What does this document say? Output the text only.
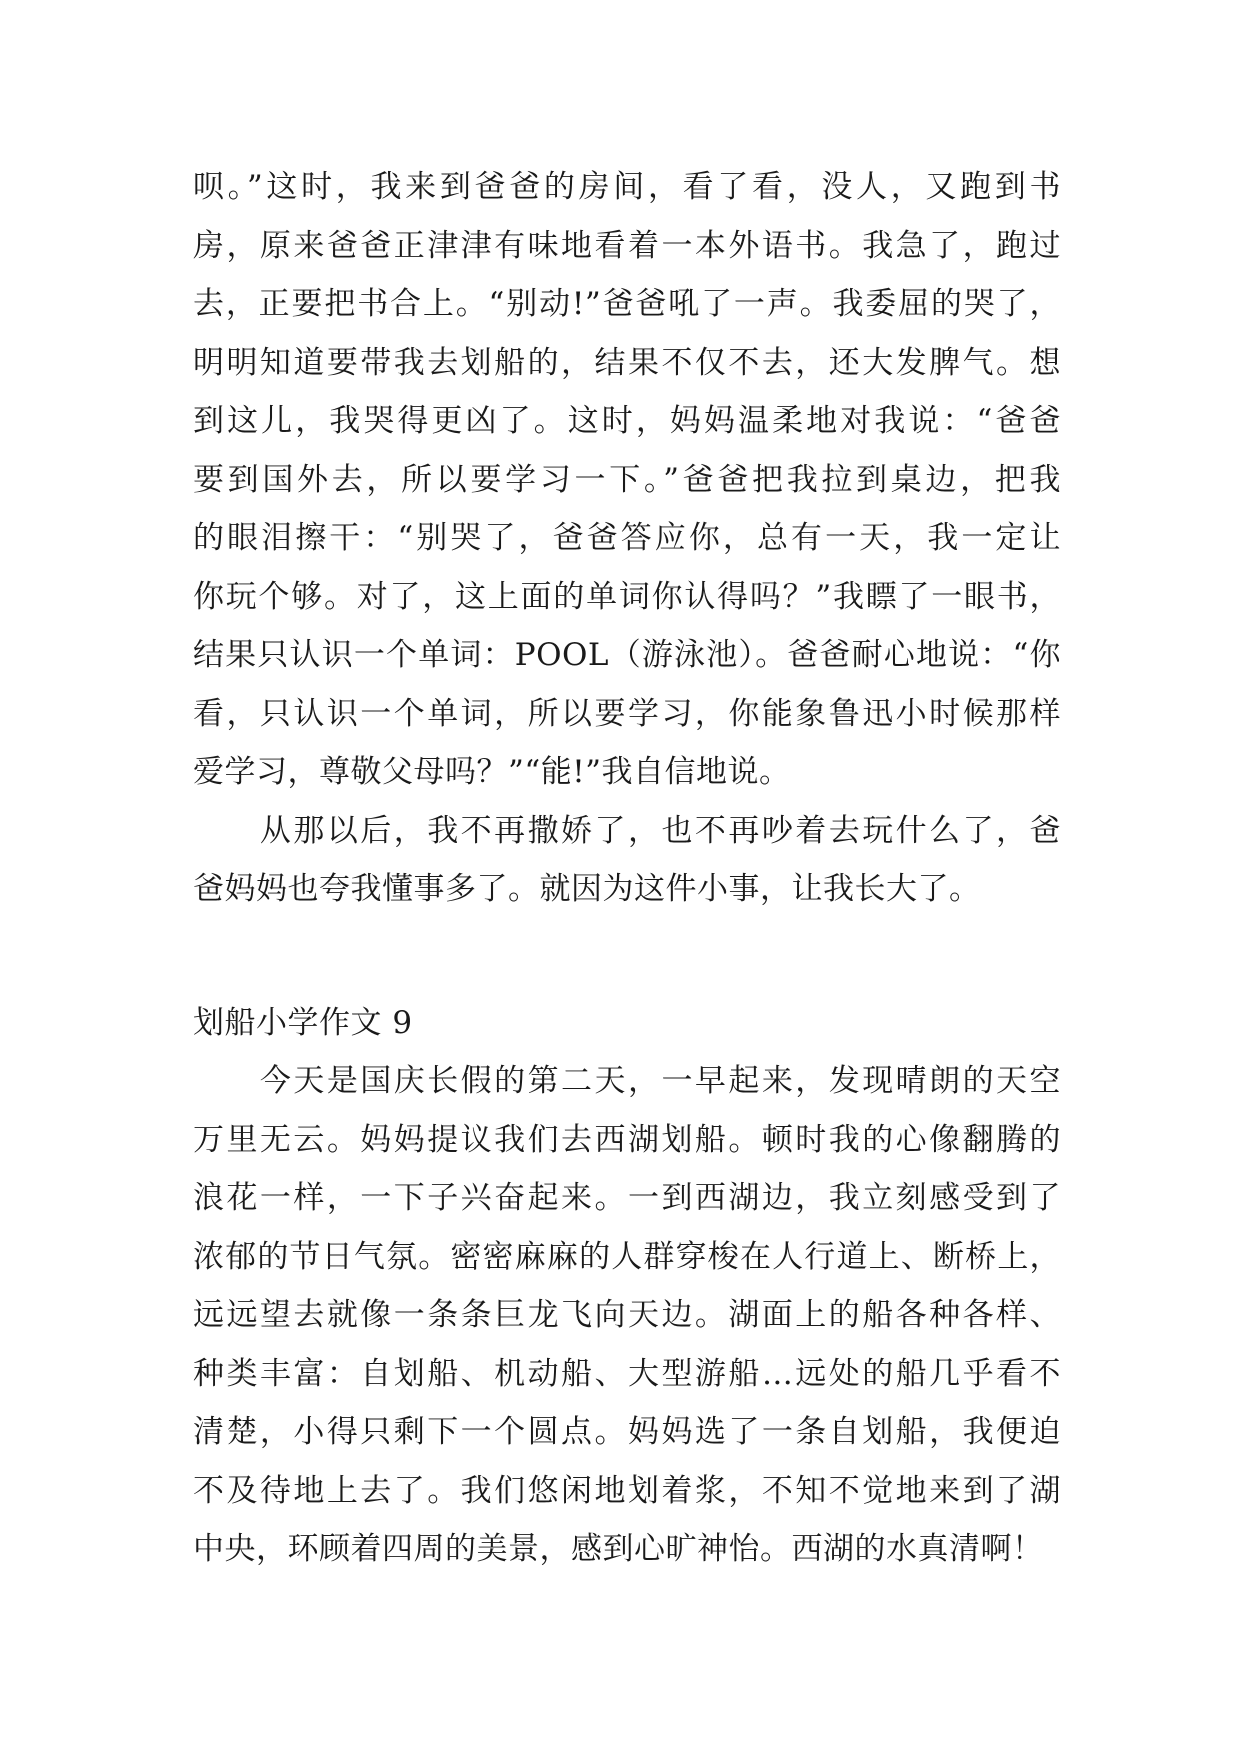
呗。”这时，我来到爸爸的房间，看了看，没人，又跑到书
房，原来爸爸正津津有味地看着一本外语书。我急了，跑过
去，正要把书合上。“别动!”爸爸吼了一声。我委屈的哭了，
明明知道要带我去划船的，结果不仅不去，还大发脾气。想
到这儿，我哭得更凶了。这时，妈妈温柔地对我说：“爸爸
要到国外去，所以要学习一下。”爸爸把我拉到桌边，把我
的眼泪擦干：“别哭了，爸爸答应你，总有一天，我一定让
你玩个够。对了，这上面的单词你认得吗？”我瞟了一眼书，
结果只认识一个单词：POOL（游泳池）。爸爸耐心地说：“你
看，只认识一个单词，所以要学习，你能象鲁迅小时候那样
爱学习，尊敬父母吗？”“能!”我自信地说。
　　从那以后，我不再撒娇了，也不再吵着去玩什么了，爸
爸妈妈也夸我懂事多了。就因为这件小事，让我长大了。
划船小学作文 9
　　今天是国庆长假的第二天，一早起来，发现晴朗的天空
万里无云。妈妈提议我们去西湖划船。顿时我的心像翻腾的
浪花一样，一下子兴奋起来。一到西湖边，我立刻感受到了
浓郁的节日气氛。密密麻麻的人群穿梭在人行道上、断桥上，
远远望去就像一条条巨龙飞向天边。湖面上的船各种各样、
种类丰富：自划船、机动船、大型游船…远处的船几乎看不
清楚，小得只剩下一个圆点。妈妈选了一条自划船，我便迫
不及待地上去了。我们悠闲地划着浆，不知不觉地来到了湖
中央，环顾着四周的美景，感到心旷神怡。西湖的水真清啊！
